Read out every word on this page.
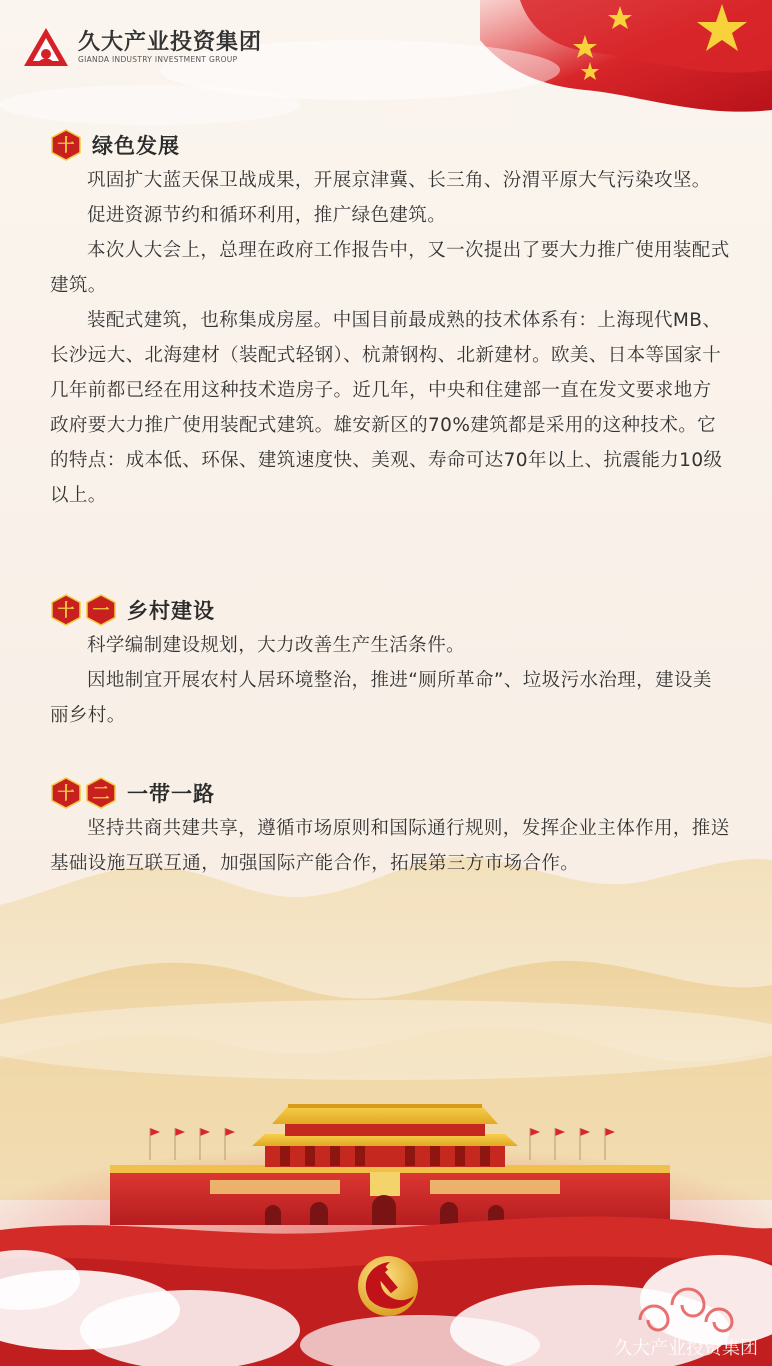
久大产业投资集团
GIANDA INDUSTRY INVESTMENT GROUP
十 绿色发展

巩固扩大蓝天保卫战成果，开展京津冀、长三角、汾渭平原大气污染攻坚。

促进资源节约和循环利用，推广绿色建筑。

本次人大会上，总理在政府工作报告中，又一次提出了要大力推广使用装配式建筑。

装配式建筑，也称集成房屋。中国目前最成熟的技术体系有：上海现代MB、长沙远大、北海建材（装配式轻钢）、杭萧钢构、北新建材。欧美、日本等国家十几年前都已经在用这种技术造房子。近几年，中央和住建部一直在发文要求地方政府要大力推广使用装配式建筑。雄安新区的70%建筑都是采用的这种技术。它的特点：成本低、环保、建筑速度快、美观、寿命可达70年以上、抗震能力10级以上。

十 一 乡村建设

科学编制建设规划，大力改善生产生活条件。

因地制宜开展农村人居环境整治，推进“厕所革命”、垃圾污水治理，建设美丽乡村。

十 二 一带一路

坚持共商共建共享，遵循市场原则和国际通行规则，发挥企业主体作用，推送基础设施互联互通，加强国际产能合作，拓展第三方市场合作。

久大产业投资集团
